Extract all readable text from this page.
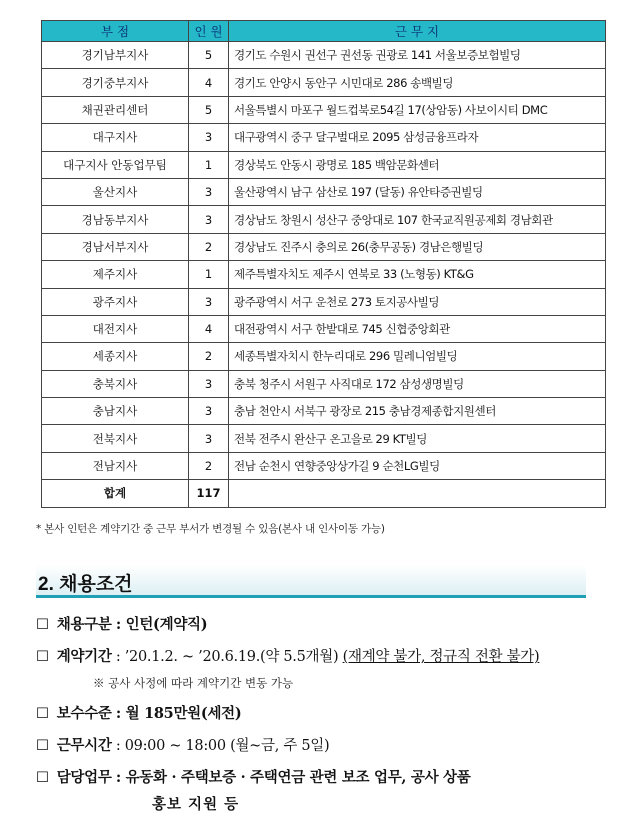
부 점	인 원	근 무 지
경기남부지사	5	경기도 수원시 권선구 권선동 권광로 141 서울보증보험빌딩
경기중부지사	4	경기도 안양시 동안구 시민대로 286 송백빌딩
채권관리센터	5	서울특별시 마포구 월드컵북로54길 17(상암동) 사보이시티 DMC
대구지사	3	대구광역시 중구 달구벌대로 2095 삼성금융프라자
대구지사 안동업무팀	1	경상북도 안동시 광명로 185 백암문화센터
울산지사	3	울산광역시 남구 삼산로 197 (달동) 유안타증권빌딩
경남동부지사	3	경상남도 창원시 성산구 중앙대로 107 한국교직원공제회 경남회관
경남서부지사	2	경상남도 진주시 충의로 26(충무공동) 경남은행빌딩
제주지사	1	제주특별자치도 제주시 연북로 33 (노형동) KT&G
광주지사	3	광주광역시 서구 운천로 273 토지공사빌딩
대전지사	4	대전광역시 서구 한밭대로 745 신협중앙회관
세종지사	2	세종특별자치시 한누리대로 296 밀레니엄빌딩
충북지사	3	충북 청주시 서원구 사직대로 172 삼성생명빌딩
충남지사	3	충남 천안시 서북구 광장로 215 충남경제종합지원센터
전북지사	3	전북 전주시 완산구 온고을로 29 KT빌딩
전남지사	2	전남 순천시 연향중앙상가길 9 순천LG빌딩
합계	117	
* 본사 인턴은 계약기간 중 근무 부서가 변경될 수 있음(본사 내 인사이동 가능)
2. 채용조건
☐ 채용구분 : 인턴(계약직)
☐ 계약기간 : ’20.1.2. ~ ’20.6.19.(약 5.5개월) (재계약 불가, 정규직 전환 불가)
※ 공사 사정에 따라 계약기간 변동 가능
☐ 보수수준 : 월 185만원(세전)
☐ 근무시간 : 09:00 ~ 18:00 (월~금, 주 5일)
☐ 담당업무 : 유동화 · 주택보증 · 주택연금 관련 보조 업무, 공사 상품
홍보 지원 등
